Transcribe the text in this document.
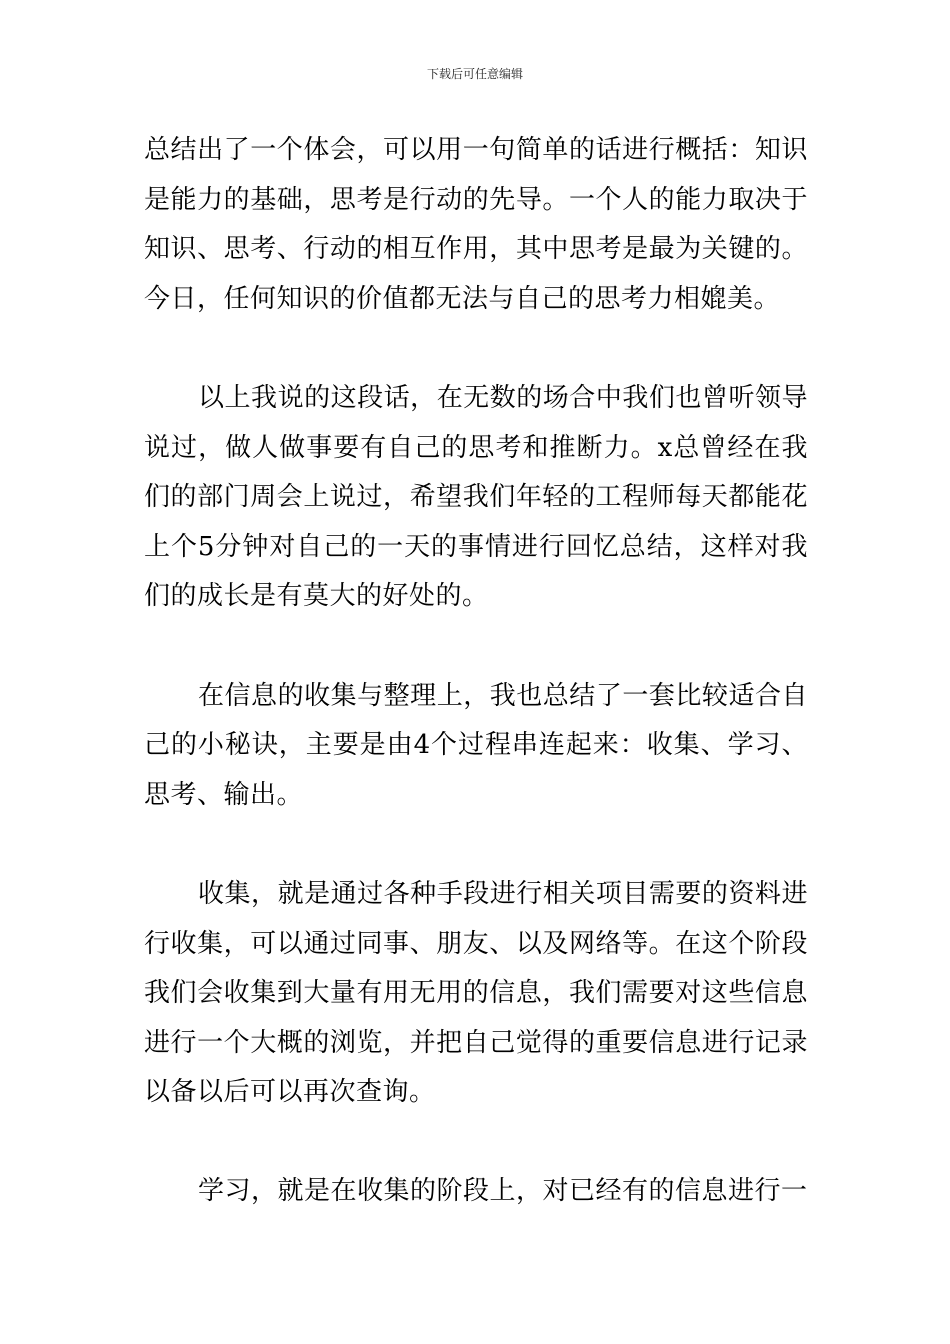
下载后可任意编辑

总结出了一个体会，可以用一句简单的话进行概括：知识是能力的基础，思考是行动的先导。一个人的能力取决于知识、思考、行动的相互作用，其中思考是最为关键的。今日，任何知识的价值都无法与自己的思考力相媲美。

以上我说的这段话，在无数的场合中我们也曾听领导说过，做人做事要有自己的思考和推断力。x总曾经在我们的部门周会上说过，希望我们年轻的工程师每天都能花上个5分钟对自己的一天的事情进行回忆总结，这样对我们的成长是有莫大的好处的。

在信息的收集与整理上，我也总结了一套比较适合自己的小秘诀，主要是由4个过程串连起来：收集、学习、思考、输出。

收集，就是通过各种手段进行相关项目需要的资料进行收集，可以通过同事、朋友、以及网络等。在这个阶段我们会收集到大量有用无用的信息，我们需要对这些信息进行一个大概的浏览，并把自己觉得的重要信息进行记录以备以后可以再次查询。

学习，就是在收集的阶段上，对已经有的信息进行一
